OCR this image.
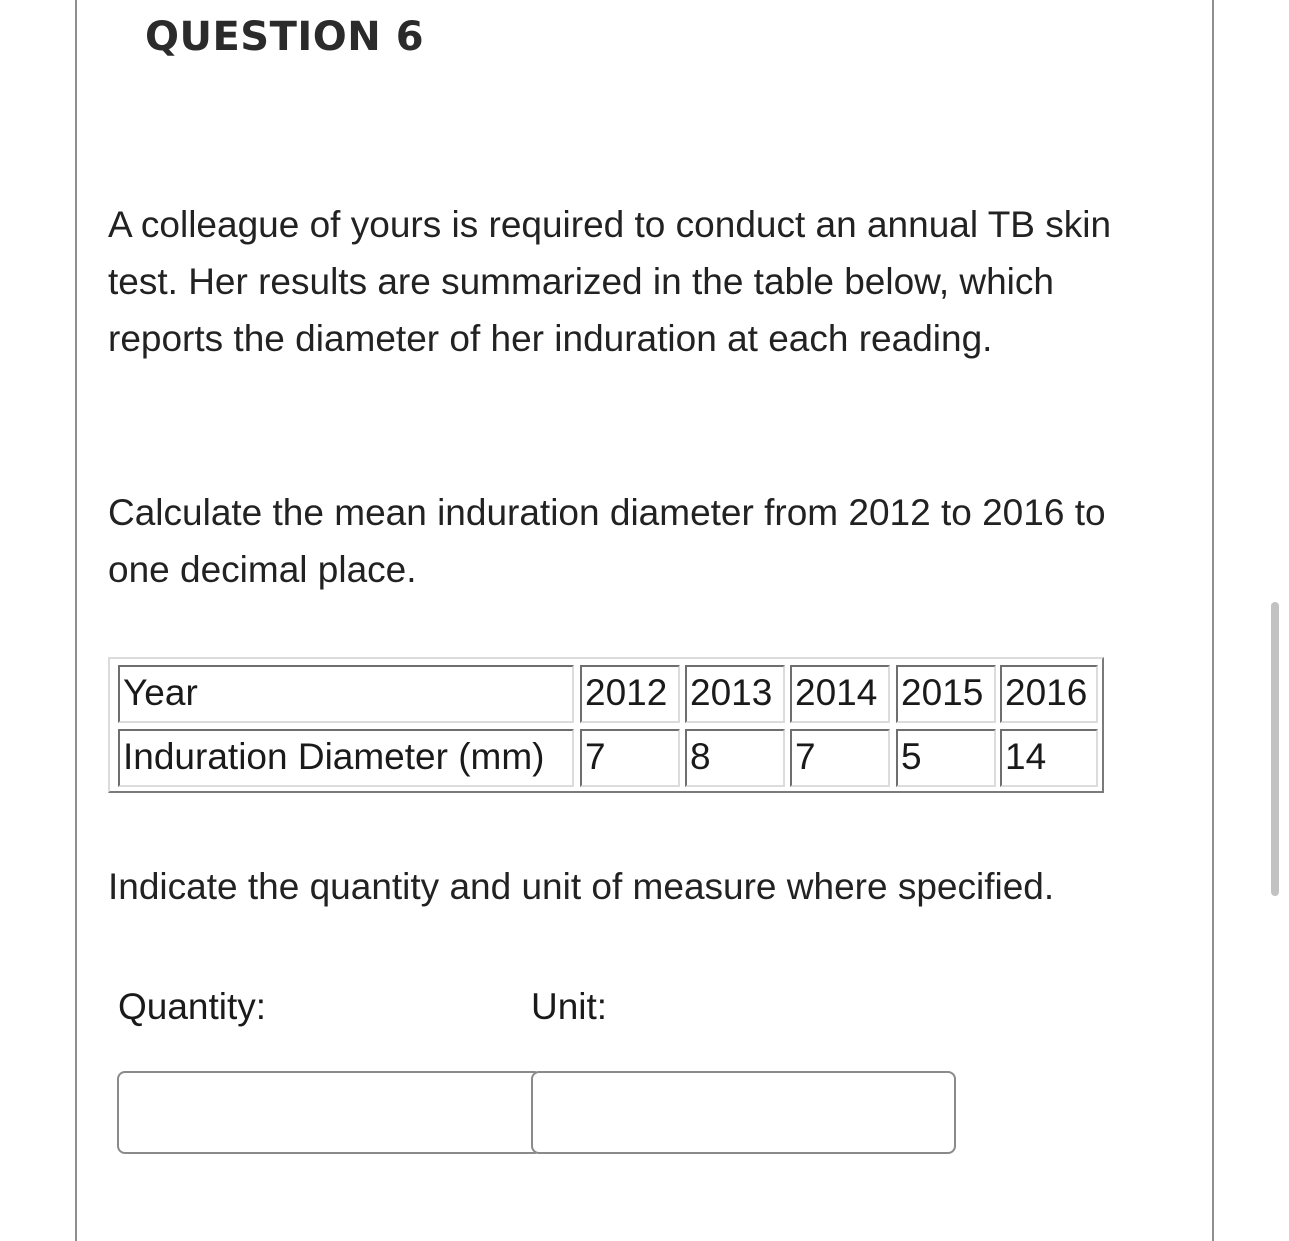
QUESTION 6
A colleague of yours is required to conduct an annual TB skin test. Her results are summarized in the table below, which reports the diameter of her induration at each reading.
Calculate the mean induration diameter from 2012 to 2016 to one decimal place.
Year	2012 2013 2014 2015 2016
Induration Diameter (mm)	7	8	7	5	14
Indicate the quantity and unit of measure where specified.
Quantity:	Unit:
